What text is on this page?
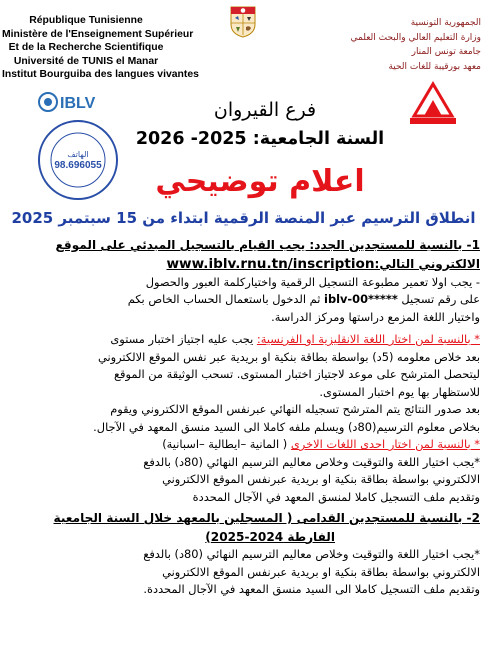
République Tunisienne
Ministère de l'Enseignement Supérieur
Et de la Recherche Scientifique
Université de TUNIS el Manar
Institut Bourguiba des langues vivantes
الجمهورية التونسية
وزارة التعليم العالي والبحث العلمي
جامعة تونس المنار
معهد بورقيبة للغات الحية
IBLV
الهاتف
98.696055
فرع القيروان
السنة الجامعية: 2025- 2026
اعلام توضيحي
انطلاق الترسيم عبر المنصة الرقمية ابتداء من 15 سبتمبر 2025

1- بالنسبة للمستجدين الجدد: يجب القيام بالتسجيل المبدئي على الموقع

الالكتروني التالي:www.iblv.rnu.tn/inscription

- يجب اولا تعمير مطبوعة التسجيل الرقمية واختياركلمة العبور والحصول

على رقم تسجيل iblv-00***** ثم الدخول باستعمال الحساب الخاص بكم

واختيار اللغة المزمع دراستها ومركز الدراسة.

* بالنسبة لمن اختار اللغة الانقليزية او الفرنسية: يجب عليه اجتياز اختبار مستوى

بعد خلاص معلومه (5د) بواسطة بطاقة بنكية او بريدية عبر نفس الموقع الالكتروني

ليتحصل المترشح على موعد لاجتياز اختبار المستوى. تسحب الوثيقة من الموقع

للاستظهار بها يوم اختبار المستوى.

بعد صدور النتائج يتم المترشح تسجيله النهائي عبرنفس الموقع الالكتروني ويقوم

بخلاص معلوم الترسيم(80د) ويسلم ملفه كاملا الى السيد منسق المعهد في الآجال.

* بالنسبة لمن اختار احدى اللغات الاخرى ( المانية –ايطالية –اسبانية)

*يجب اختيار اللغة والتوقيت وخلاص معاليم الترسيم النهائي (80د) بالدفع

الالكتروني بواسطة بطاقة بنكية او بريدية عبرنفس الموقع الالكتروني

وتقديم ملف التسجيل كاملا لمنسق المعهد في الآجال المحددة

2- بالنسبة للمستجدين القدامى ( المسجلين بالمعهد خلال السنة الجامعية

الفارطة 2024-2025)

*يجب اختيار اللغة والتوقيت وخلاص معاليم الترسيم النهائي (80د) بالدفع

الالكتروني بواسطة بطاقة بنكية او بريدية عبرنفس الموقع الالكتروني

وتقديم ملف التسجيل كاملا الى السيد منسق المعهد في الآجال المحددة.
